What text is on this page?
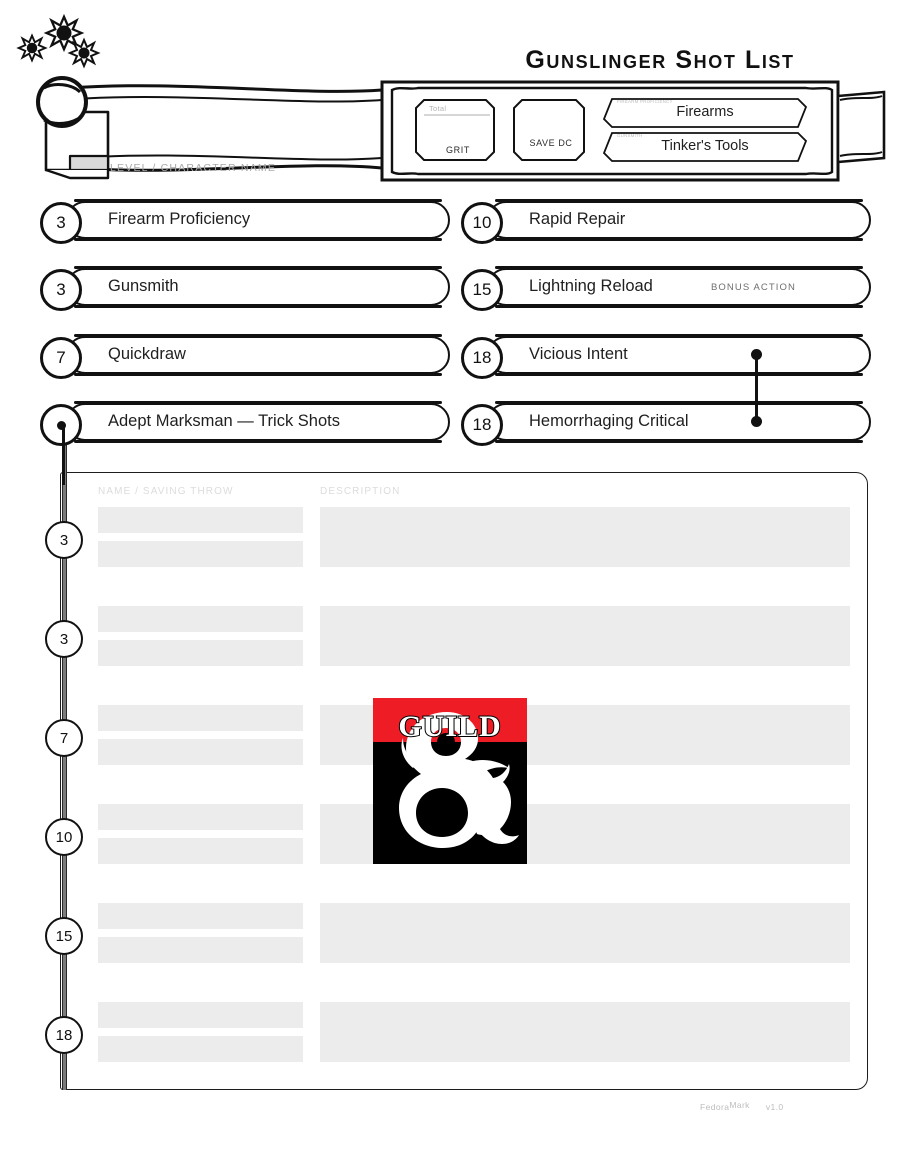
Gunslinger Shot List
LEVEL / CHARACTER NAME
Total
GRIT
SAVE DC
FIREARM PROFICIENCY
Firearms
GUNSMITH
Tinker's Tools
3	Firearm Proficiency
3	Gunsmith
7	Quickdraw
Adept Marksman — Trick Shots
10 Rapid Repair
15 Lightning Reload	BONUS ACTION
18 Vicious Intent
18 Hemorrhaging Critical
NAME / SAVING THROW	DESCRIPTION
3
3
7
10
15
18
GUILD
FedoraMark v1.0
